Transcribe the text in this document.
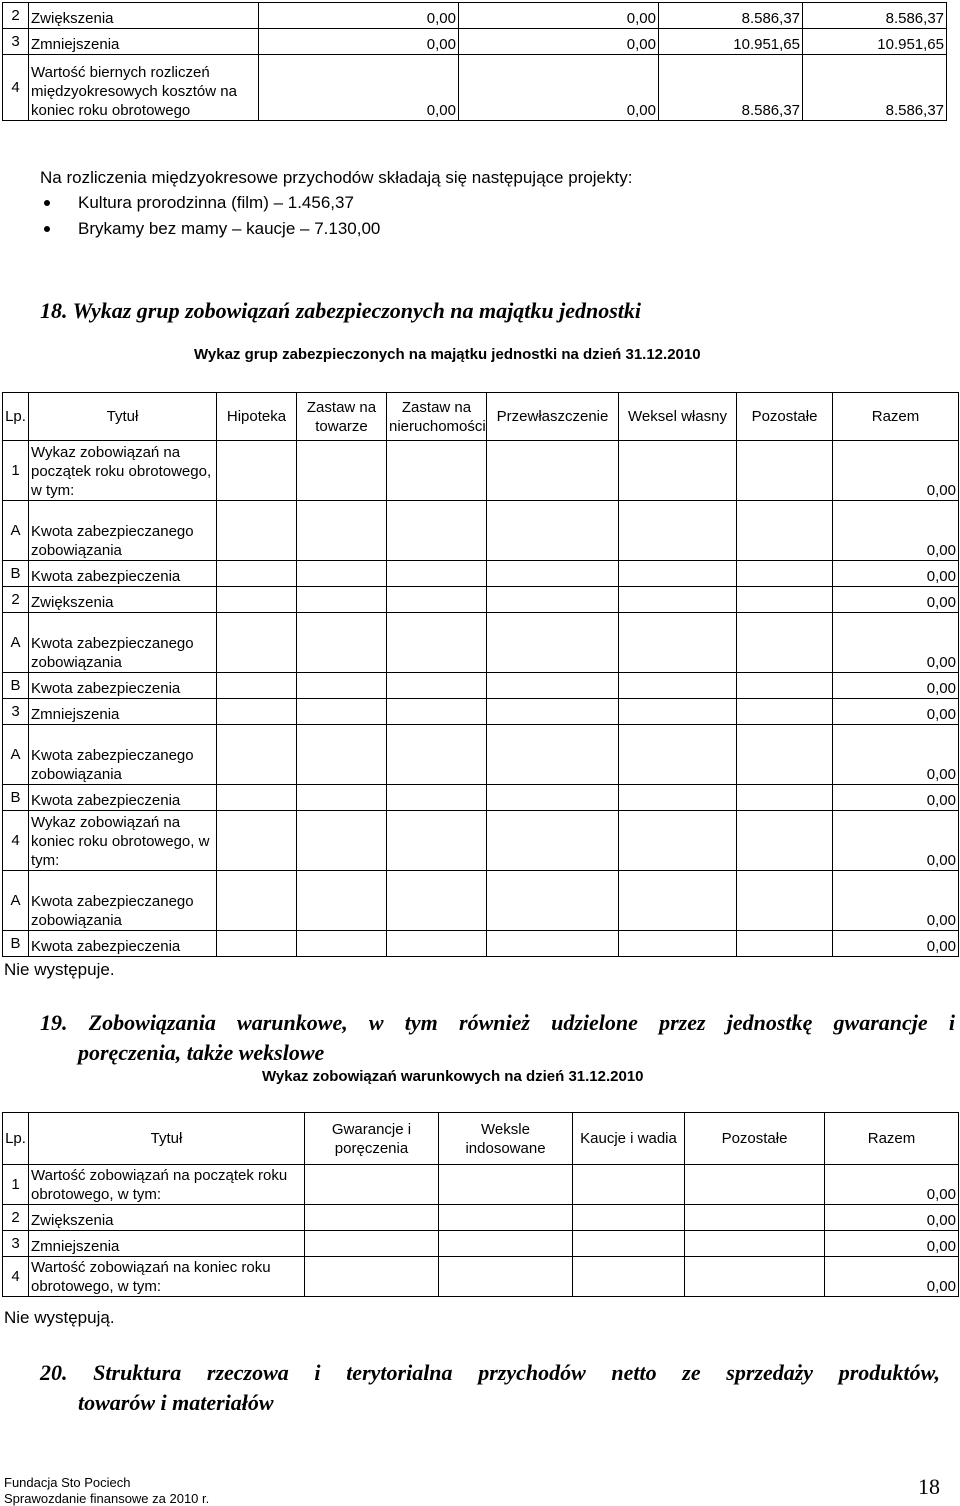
2	Zwiększenia	0,00	0,00	8.586,37	8.586,37
3	Zmniejszenia	0,00	0,00	10.951,65	10.951,65
4	Wartość biernych rozliczeń międzyokresowych kosztów na koniec roku obrotowego	0,00	0,00	8.586,37	8.586,37
Na rozliczenia międzyokresowe przychodów składają się następujące projekty:
Kultura prorodzinna (film) – 1.456,37
Brykamy bez mamy – kaucje – 7.130,00
18. Wykaz grup zobowiązań zabezpieczonych na majątku jednostki
Wykaz grup zabezpieczonych na majątku jednostki na dzień 31.12.2010
Lp.	Tytuł	Hipoteka	Zastaw na towarze	Zastaw na nieruchomości	Przewłaszczenie	Weksel własny	Pozostałe	Razem
1	Wykaz zobowiązań na początek roku obrotowego, w tym:							0,00
A	Kwota zabezpieczanego zobowiązania							0,00
B	Kwota zabezpieczenia							0,00
2	Zwiększenia							0,00
A	Kwota zabezpieczanego zobowiązania							0,00
B	Kwota zabezpieczenia							0,00
3	Zmniejszenia							0,00
A	Kwota zabezpieczanego zobowiązania							0,00
B	Kwota zabezpieczenia							0,00
4	Wykaz zobowiązań na koniec roku obrotowego, w tym:							0,00
A	Kwota zabezpieczanego zobowiązania							0,00
B	Kwota zabezpieczenia							0,00
Nie występuje.
19. Zobowiązania warunkowe, w tym również udzielone przez jednostkę gwarancje i
poręczenia, także wekslowe
Wykaz zobowiązań warunkowych na dzień 31.12.2010
Lp.	Tytuł	Gwarancje i poręczenia	Weksle indosowane	Kaucje i wadia	Pozostałe	Razem
1	Wartość zobowiązań na początek roku obrotowego, w tym:					0,00
2	Zwiększenia					0,00
3	Zmniejszenia					0,00
4	Wartość zobowiązań na koniec roku obrotowego, w tym:					0,00
Nie występują.
20. Struktura rzeczowa i terytorialna przychodów netto ze sprzedaży produktów,
towarów i materiałów
Fundacja Sto Pociech
Sprawozdanie finansowe za 2010 r.	18
